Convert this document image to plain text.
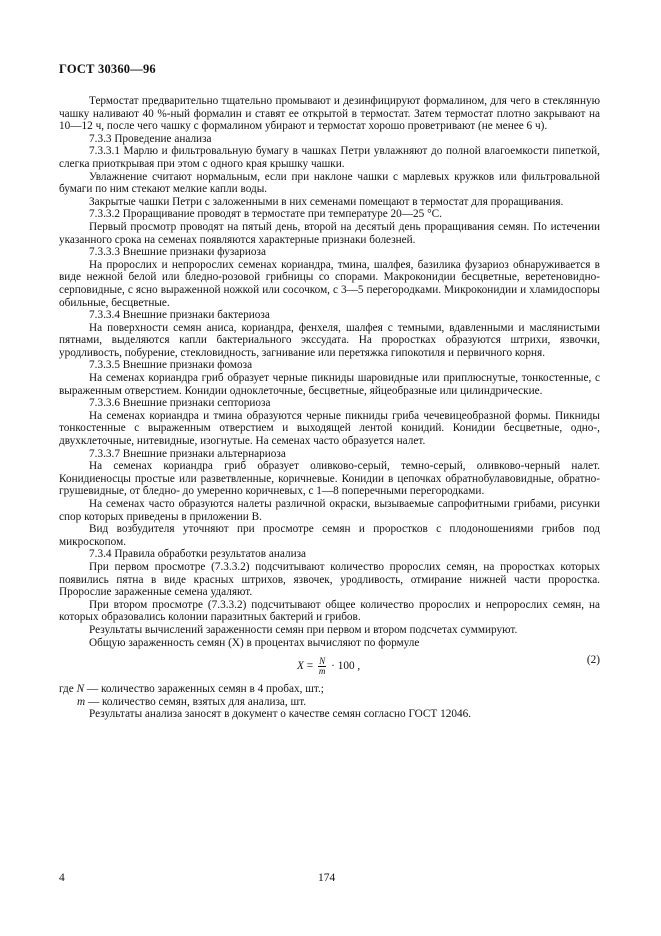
ГОСТ 30360—96

Термостат предварительно тщательно промывают и дезинфицируют формалином, для чего в стеклянную чашку наливают 40 %-ный формалин и ставят ее открытой в термостат. Затем термостат плотно закрывают на 10—12 ч, после чего чашку с формалином убирают и термостат хорошо проветривают (не менее 6 ч).

7.3.3 Проведение анализа

7.3.3.1 Марлю и фильтровальную бумагу в чашках Петри увлажняют до полной влагоемкости пипеткой, слегка приоткрывая при этом с одного края крышку чашки.

Увлажнение считают нормальным, если при наклоне чашки с марлевых кружков или фильтровальной бумаги по ним стекают мелкие капли воды.

Закрытые чашки Петри с заложенными в них семенами помещают в термостат для проращивания.

7.3.3.2 Проращивание проводят в термостате при температуре 20—25 °С.

Первый просмотр проводят на пятый день, второй на десятый день проращивания семян. По истечении указанного срока на семенах появляются характерные признаки болезней.

7.3.3.3 Внешние признаки фузариоза

На пророслих и непророслих семенах кориандра, тмина, шалфея, базилика фузариоз обнаруживается в виде нежной белой или бледно-розовой грибницы со спорами. Макроконидии бесцветные, веретеновидно-серповидные, с ясно выраженной ножкой или сосочком, с 3—5 перегородками. Микроконидии и хламидоспоры обильные, бесцветные.

7.3.3.4 Внешние признаки бактериоза

На поверхности семян аниса, кориандра, фенхеля, шалфея с темными, вдавленными и маслянистыми пятнами, выделяются капли бактериального экссудата. На проростках образуются штрихи, язвочки, уродливость, побурение, стекловидность, загнивание или перетяжка гипокотиля и первичного корня.

7.3.3.5 Внешние признаки фомоза

На семенах кориандра гриб образует черные пикниды шаровидные или приплюснутые, тонкостенные, с выраженным отверстием. Конидии одноклеточные, бесцветные, яйцеобразные или цилиндрические.

7.3.3.6 Внешние признаки септориоза

На семенах кориандра и тмина образуются черные пикниды гриба чечевицеобразной формы. Пикниды тонкостенные с выраженным отверстием и выходящей лентой конидий. Конидии бесцветные, одно-, двухклеточные, нитевидные, изогнутые. На семенах часто образуется налет.

7.3.3.7 Внешние признаки альтернариоза

На семенах кориандра гриб образует оливково-серый, темно-серый, оливково-черный налет. Конидиеносцы простые или разветвленные, коричневые. Конидии в цепочках обратнобулавовидные, обратно-грушевидные, от бледно- до умеренно коричневых, с 1—8 поперечными перегородками.

На семенах часто образуются налеты различной окраски, вызываемые сапрофитными грибами, рисунки спор которых приведены в приложении В.

Вид возбудителя уточняют при просмотре семян и проростков с плодоношениями грибов под микроскопом.

7.3.4 Правила обработки результатов анализа

При первом просмотре (7.3.3.2) подсчитывают количество пророслих семян, на проростках которых появились пятна в виде красных штрихов, язвочек, уродливость, отмирание нижней части проростка. Пророслие зараженные семена удаляют.

При втором просмотре (7.3.3.2) подсчитывают общее количество пророслих и непророслих семян, на которых образовались колонии паразитных бактерий и грибов.

Результаты вычислений зараженности семян при первом и втором подсчетах суммируют.

Общую зараженность семян (X) в процентах вычисляют по формуле

$X = \frac{N}{m} \cdot 100$ ,
(2)

где N — количество зараженных семян в 4 пробах, шт.;

m — количество семян, взятых для анализа, шт.

Результаты анализа заносят в документ о качестве семян согласно ГОСТ 12046.

4	174
